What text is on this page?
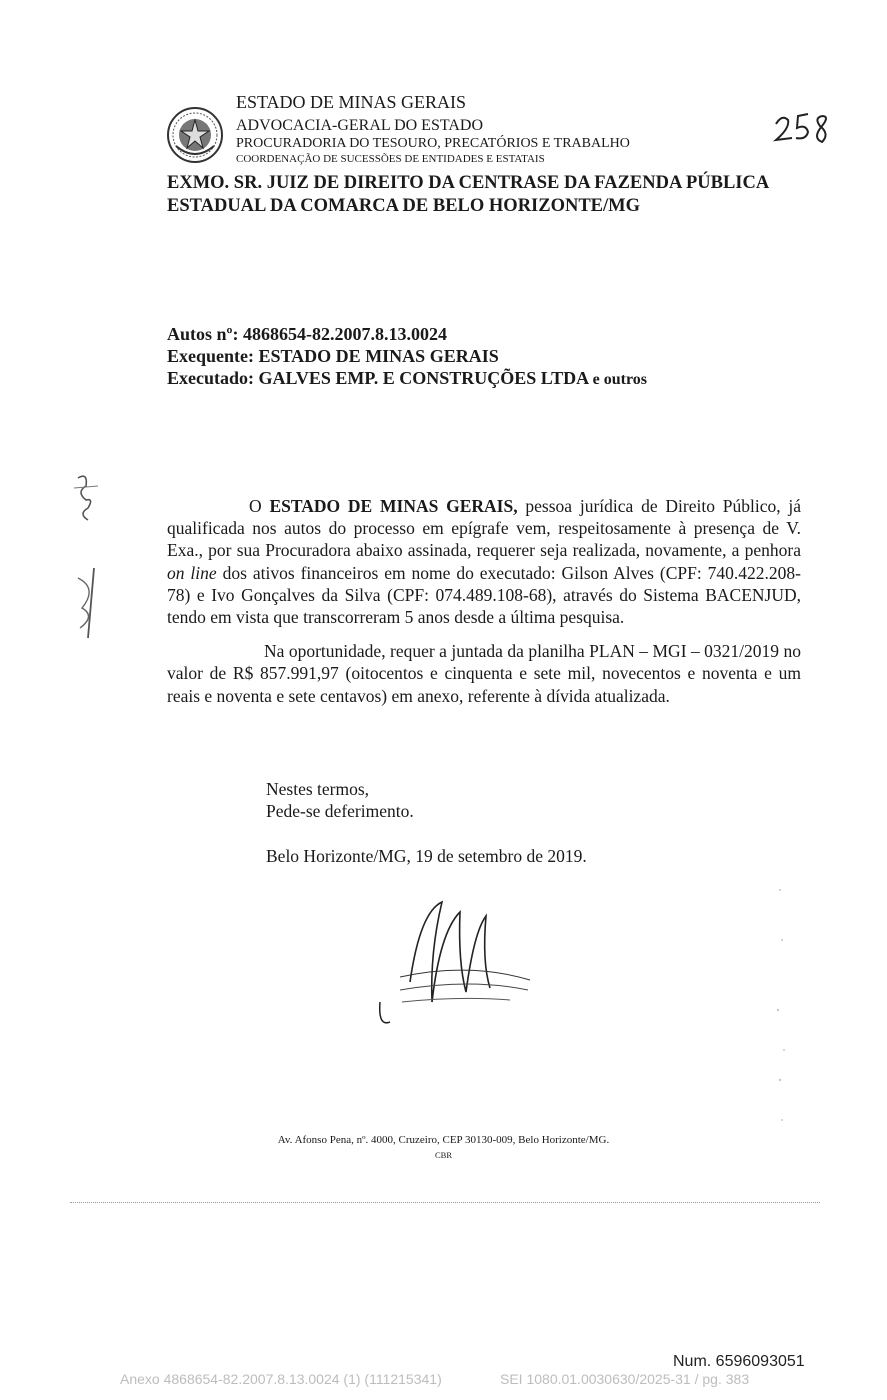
ESTADO DE MINAS GERAIS
ADVOCACIA-GERAL DO ESTADO
PROCURADORIA DO TESOURO, PRECATÓRIOS E TRABALHO
COORDENAÇÃO DE SUCESSÕES DE ENTIDADES E ESTATAIS
EXMO. SR. JUIZ DE DIREITO DA CENTRASE DA FAZENDA PÚBLICA
ESTADUAL DA COMARCA DE BELO HORIZONTE/MG
Autos nº: 4868654-82.2007.8.13.0024
Exequente: ESTADO DE MINAS GERAIS
Executado: GALVES EMP. E CONSTRUÇÕES LTDA e outros

O ESTADO DE MINAS GERAIS, pessoa jurídica de Direito Público, já qualificada nos autos do processo em epígrafe vem, respeitosamente à presença de V. Exa., por sua Procuradora abaixo assinada, requerer seja realizada, novamente, a penhora on line dos ativos financeiros em nome do executado: Gilson Alves (CPF: 740.422.208-78) e Ivo Gonçalves da Silva (CPF: 074.489.108-68), através do Sistema BACENJUD, tendo em vista que transcorreram 5 anos desde a última pesquisa.

Na oportunidade, requer a juntada da planilha PLAN – MGI – 0321/2019 no valor de R$ 857.991,97 (oitocentos e cinquenta e sete mil, novecentos e noventa e um reais e noventa e sete centavos) em anexo, referente à dívida atualizada.

Nestes termos,
Pede-se deferimento.
Belo Horizonte/MG, 19 de setembro de 2019.
Av. Afonso Pena, nº. 4000, Cruzeiro, CEP 30130-009, Belo Horizonte/MG.
CBR
Num. 6596093051
Anexo 4868654-82.2007.8.13.0024 (1) (111215341)	SEI 1080.01.0030630/2025-31 / pg. 383
